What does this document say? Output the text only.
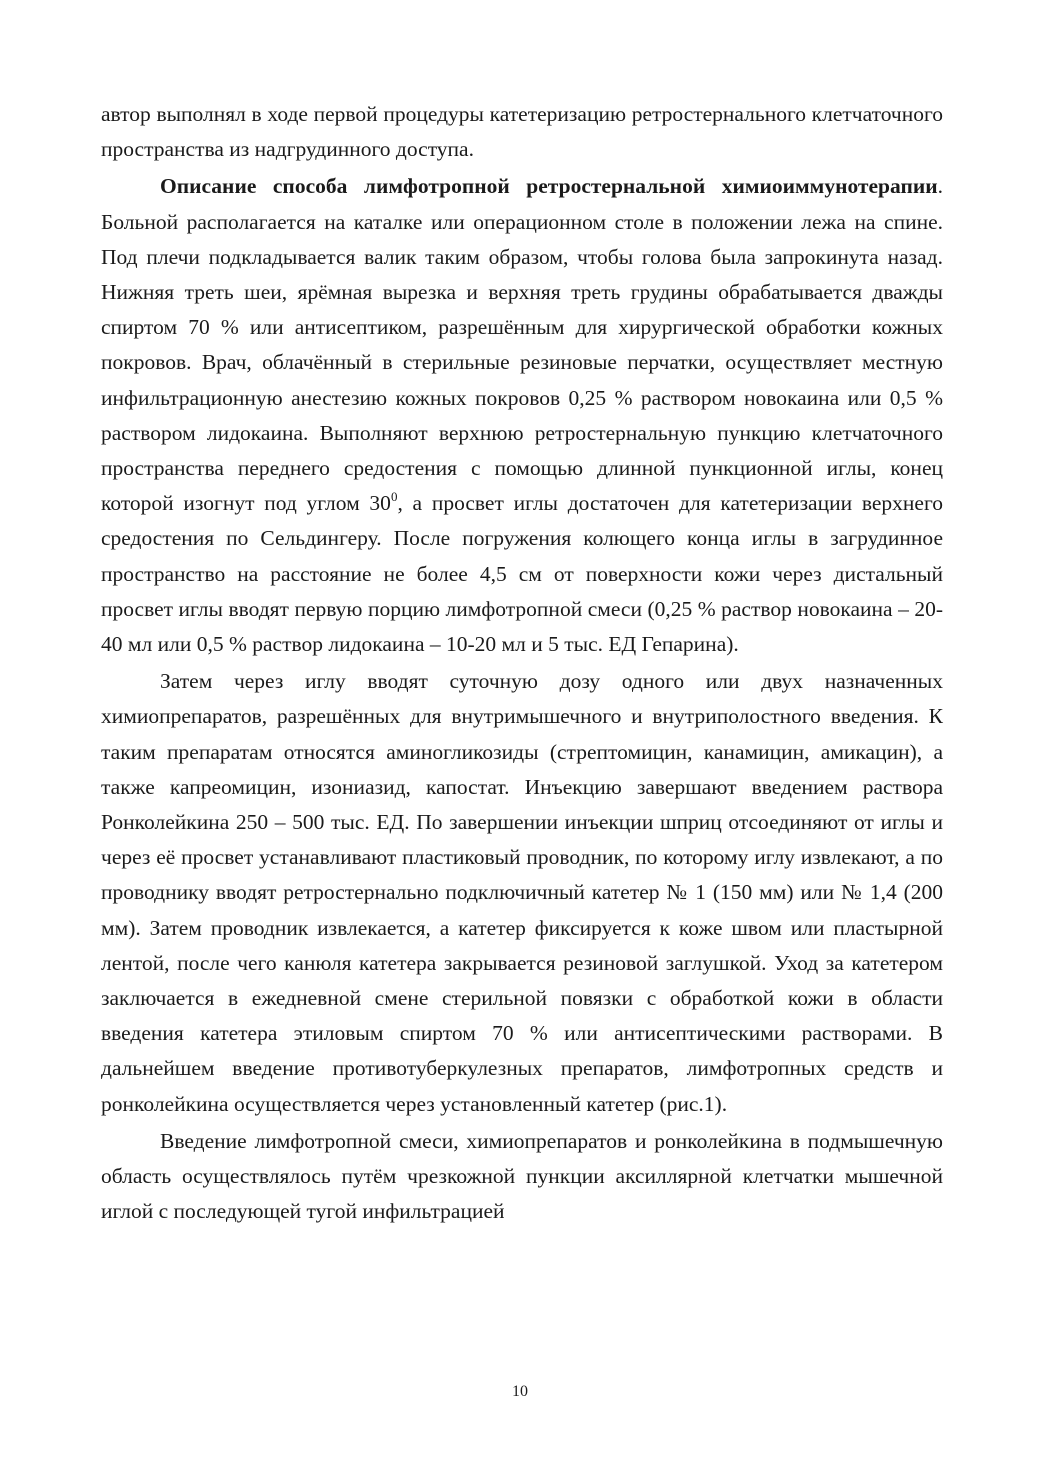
автор выполнял в ходе первой процедуры катетеризацию ретростернального клетчаточного пространства из надгрудинного доступа.

Описание способа лимфотропной ретростернальной химиоиммунотерапии. Больной располагается на каталке или операционном столе в положении лежа на спине. Под плечи подкладывается валик таким образом, чтобы голова была запрокинута назад. Нижняя треть шеи, ярёмная вырезка и верхняя треть грудины обрабатывается дважды спиртом 70 % или антисептиком, разрешённым для хирургической обработки кожных покровов. Врач, облачённый в стерильные резиновые перчатки, осуществляет местную инфильтрационную анестезию кожных покровов 0,25 % раствором новокаина или 0,5 % раствором лидокаина. Выполняют верхнюю ретростернальную пункцию клетчаточного пространства переднего средостения с помощью длинной пункционной иглы, конец которой изогнут под углом $30^0$, а просвет иглы достаточен для катетеризации верхнего средостения по Сельдингеру. После погружения колющего конца иглы в загрудинное пространство на расстояние не более 4,5 см от поверхности кожи через дистальный просвет иглы вводят первую порцию лимфотропной смеси (0,25 % раствор новокаина – 20-40 мл или 0,5 % раствор лидокаина – 10-20 мл и 5 тыс. ЕД Гепарина).

Затем через иглу вводят суточную дозу одного или двух назначенных химиопрепаратов, разрешённых для внутримышечного и внутриполостного введения. К таким препаратам относятся аминогликозиды (стрептомицин, канамицин, амикацин), а также капреомицин, изониазид, капостат. Инъекцию завершают введением раствора Ронколейкина 250 – 500 тыс. ЕД. По завершении инъекции шприц отсоединяют от иглы и через её просвет устанавливают пластиковый проводник, по которому иглу извлекают, а по проводнику вводят ретростернально подключичный катетер № 1 (150 мм) или № 1,4 (200 мм). Затем проводник извлекается, а катетер фиксируется к коже швом или пластырной лентой, после чего канюля катетера закрывается резиновой заглушкой. Уход за катетером заключается в ежедневной смене стерильной повязки с обработкой кожи в области введения катетера этиловым спиртом 70 % или антисептическими растворами. В дальнейшем введение противотуберкулезных препаратов, лимфотропных средств и ронколейкина осуществляется через установленный катетер (рис.1).

Введение лимфотропной смеси, химиопрепаратов и ронколейкина в подмышечную область осуществлялось путём чрезкожной пункции аксиллярной клетчатки мышечной иглой с последующей тугой инфильтрацией

10
